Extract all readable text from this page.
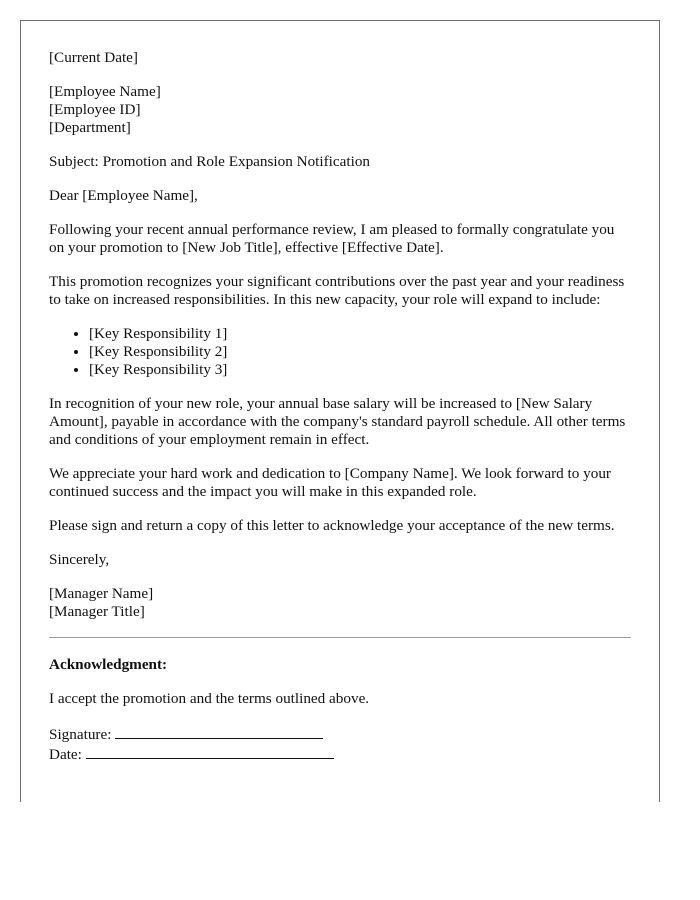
[Current Date]
[Employee Name]
[Employee ID]
[Department]
Subject: Promotion and Role Expansion Notification
Dear [Employee Name],
Following your recent annual performance review, I am pleased to formally congratulate you on your promotion to [New Job Title], effective [Effective Date].
This promotion recognizes your significant contributions over the past year and your readiness to take on increased responsibilities. In this new capacity, your role will expand to include:
• [Key Responsibility 1]
• [Key Responsibility 2]
• [Key Responsibility 3]
In recognition of your new role, your annual base salary will be increased to [New Salary Amount], payable in accordance with the company's standard payroll schedule. All other terms and conditions of your employment remain in effect.
We appreciate your hard work and dedication to [Company Name]. We look forward to your continued success and the impact you will make in this expanded role.
Please sign and return a copy of this letter to acknowledge your acceptance of the new terms.
Sincerely,
[Manager Name]
[Manager Title]
Acknowledgment:
I accept the promotion and the terms outlined above.
Signature:
Date:
